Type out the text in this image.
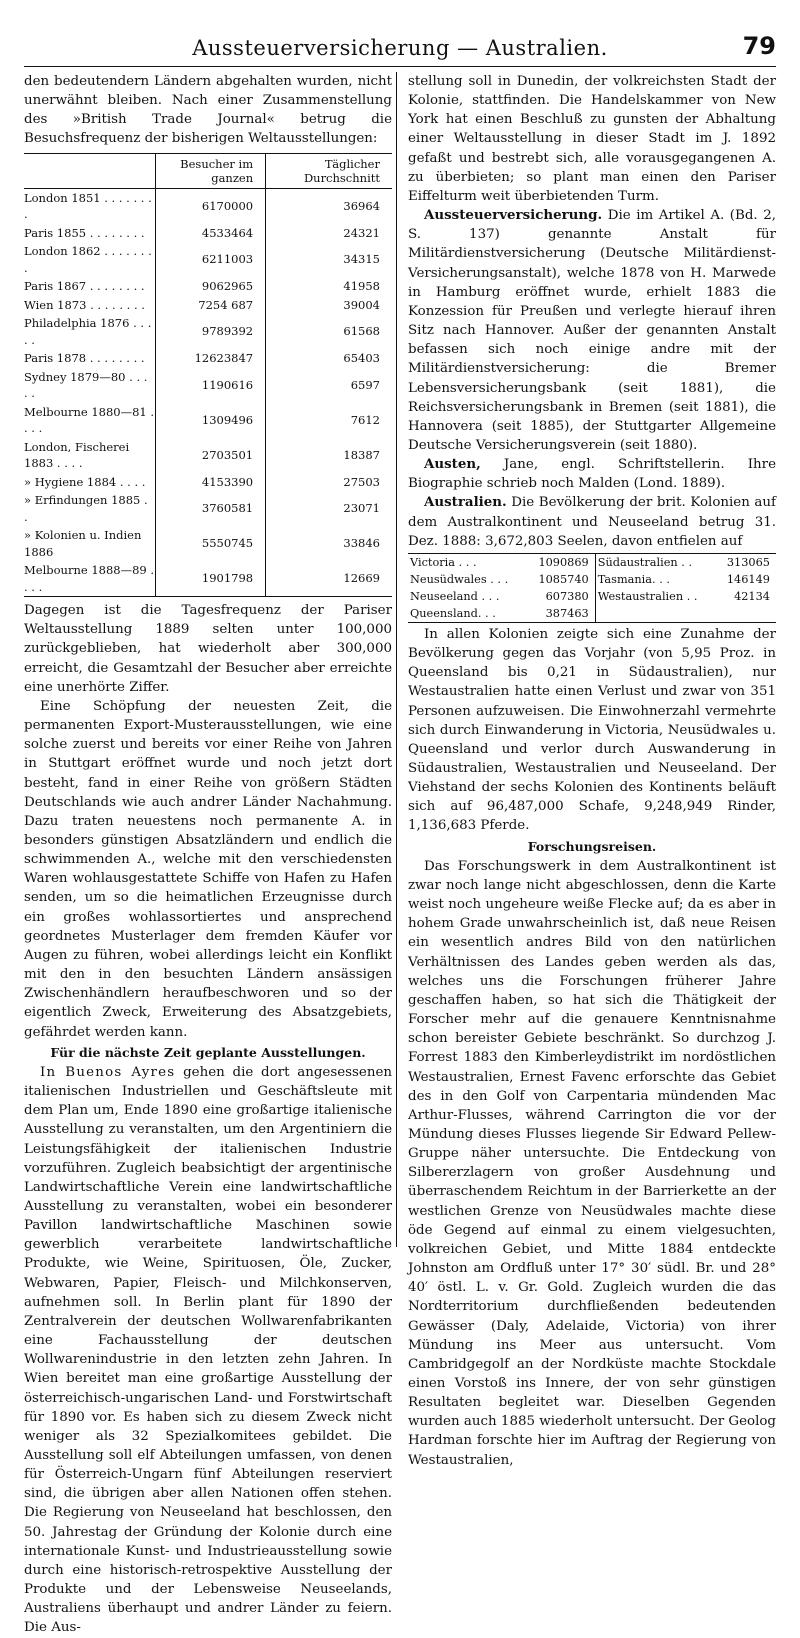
Aussteuerversicherung — Australien.	79

den bedeutendern Ländern abgehalten wurden, nicht unerwähnt bleiben. Nach einer Zusammenstellung des »British Trade Journal« betrug die Besuchsfrequenz der bisherigen Weltausstellungen:

	Besucher im ganzen	Täglicher Durchschnitt
London 1851 . . . . . . . .	6170000	36964
Paris 1855 . . . . . . . .	4533464	24321
London 1862 . . . . . . . .	6211003	34315
Paris 1867 . . . . . . . .	9062965	41958
Wien 1873 . . . . . . . .	7254 687	39004
Philadelphia 1876 . . . . .	9789392	61568
Paris 1878 . . . . . . . .	12623847	65403
Sydney 1879—80 . . . . .	1190616	6597
Melbourne 1880—81 . . . .	1309496	7612
London, Fischerei 1883 . . . .	2703501	18387
» Hygiene 1884 . . . .	4153390	27503
» Erfindungen 1885 . .	3760581	23071
» Kolonien u. Indien 1886	5550745	33846
Melbourne 1888—89 . . . .	1901798	12669

Dagegen ist die Tagesfrequenz der Pariser Weltausstellung 1889 selten unter 100,000 zurückgeblieben, hat wiederholt aber 300,000 erreicht, die Gesamtzahl der Besucher aber erreichte eine unerhörte Ziffer.

Eine Schöpfung der neuesten Zeit, die permanenten Export-Musterausstellungen, wie eine solche zuerst und bereits vor einer Reihe von Jahren in Stuttgart eröffnet wurde und noch jetzt dort besteht, fand in einer Reihe von größern Städten Deutschlands wie auch andrer Länder Nachahmung. Dazu traten neuestens noch permanente A. in besonders günstigen Absatzländern und endlich die schwimmenden A., welche mit den verschiedensten Waren wohlausgestattete Schiffe von Hafen zu Hafen senden, um so die heimatlichen Erzeugnisse durch ein großes wohlassortiertes und ansprechend geordnetes Musterlager dem fremden Käufer vor Augen zu führen, wobei allerdings leicht ein Konflikt mit den in den besuchten Ländern ansässigen Zwischenhändlern heraufbeschworen und so der eigentlich Zweck, Erweiterung des Absatzgebiets, gefährdet werden kann.

Für die nächste Zeit geplante Ausstellungen.

In Buenos Ayres gehen die dort angesessenen italienischen Industriellen und Geschäftsleute mit dem Plan um, Ende 1890 eine großartige italienische Ausstellung zu veranstalten, um den Argentiniern die Leistungsfähigkeit der italienischen Industrie vorzuführen. Zugleich beabsichtigt der argentinische Landwirtschaftliche Verein eine landwirtschaftliche Ausstellung zu veranstalten, wobei ein besonderer Pavillon landwirtschaftliche Maschinen sowie gewerblich verarbeitete landwirtschaftliche Produkte, wie Weine, Spirituosen, Öle, Zucker, Webwaren, Papier, Fleisch- und Milchkonserven, aufnehmen soll. In Berlin plant für 1890 der Zentralverein der deutschen Wollwarenfabrikanten eine Fachausstellung der deutschen Wollwarenindustrie in den letzten zehn Jahren. In Wien bereitet man eine großartige Ausstellung der österreichisch-ungarischen Land- und Forstwirtschaft für 1890 vor. Es haben sich zu diesem Zweck nicht weniger als 32 Spezialkomitees gebildet. Die Ausstellung soll elf Abteilungen umfassen, von denen für Österreich-Ungarn fünf Abteilungen reserviert sind, die übrigen aber allen Nationen offen stehen. Die Regierung von Neuseeland hat beschlossen, den 50. Jahrestag der Gründung der Kolonie durch eine internationale Kunst- und Industrieausstellung sowie durch eine historisch-retrospektive Ausstellung der Produkte und der Lebensweise Neuseelands, Australiens überhaupt und andrer Länder zu feiern. Die Aus-

stellung soll in Dunedin, der volkreichsten Stadt der Kolonie, stattfinden. Die Handelskammer von New York hat einen Beschluß zu gunsten der Abhaltung einer Weltausstellung in dieser Stadt im J. 1892 gefaßt und bestrebt sich, alle vorausgegangenen A. zu überbieten; so plant man einen den Pariser Eiffelturm weit überbietenden Turm.

Aussteuerversicherung. Die im Artikel A. (Bd. 2, S. 137) genannte Anstalt für Militärdienstversicherung (Deutsche Militärdienst-Versicherungsanstalt), welche 1878 von H. Marwede in Hamburg eröffnet wurde, erhielt 1883 die Konzession für Preußen und verlegte hierauf ihren Sitz nach Hannover. Außer der genannten Anstalt befassen sich noch einige andre mit der Militärdienstversicherung: die Bremer Lebensversicherungsbank (seit 1881), die Reichsversicherungsbank in Bremen (seit 1881), die Hannovera (seit 1885), der Stuttgarter Allgemeine Deutsche Versicherungsverein (seit 1880).

Austen, Jane, engl. Schriftstellerin. Ihre Biographie schrieb noch Malden (Lond. 1889).

Australien. Die Bevölkerung der brit. Kolonien auf dem Australkontinent und Neuseeland betrug 31. Dez. 1888: 3,672,803 Seelen, davon entfielen auf

Victoria . . .	1090869	Südaustralien . .	313065
Neusüdwales . . .	1085740	Tasmania. . .	146149
Neuseeland . . .	607380	Westaustralien . .	42134
Queensland. . .	387463		

In allen Kolonien zeigte sich eine Zunahme der Bevölkerung gegen das Vorjahr (von 5,95 Proz. in Queensland bis 0,21 in Südaustralien), nur Westaustralien hatte einen Verlust und zwar von 351 Personen aufzuweisen. Die Einwohnerzahl vermehrte sich durch Einwanderung in Victoria, Neusüdwales u. Queensland und verlor durch Auswanderung in Südaustralien, Westaustralien und Neuseeland. Der Viehstand der sechs Kolonien des Kontinents beläuft sich auf 96,487,000 Schafe, 9,248,949 Rinder, 1,136,683 Pferde.

Forschungsreisen.

Das Forschungswerk in dem Australkontinent ist zwar noch lange nicht abgeschlossen, denn die Karte weist noch ungeheure weiße Flecke auf; da es aber in hohem Grade unwahrscheinlich ist, daß neue Reisen ein wesentlich andres Bild von den natürlichen Verhältnissen des Landes geben werden als das, welches uns die Forschungen früherer Jahre geschaffen haben, so hat sich die Thätigkeit der Forscher mehr auf die genauere Kenntnisnahme schon bereister Gebiete beschränkt. So durchzog J. Forrest 1883 den Kimberleydistrikt im nordöstlichen Westaustralien, Ernest Favenc erforschte das Gebiet des in den Golf von Carpentaria mündenden Mac Arthur-Flusses, während Carrington die vor der Mündung dieses Flusses liegende Sir Edward Pellew-Gruppe näher untersuchte. Die Entdeckung von Silbererzlagern von großer Ausdehnung und überraschendem Reichtum in der Barrierkette an der westlichen Grenze von Neusüdwales machte diese öde Gegend auf einmal zu einem vielgesuchten, volkreichen Gebiet, und Mitte 1884 entdeckte Johnston am Ordfluß unter 17° 30′ südl. Br. und 28° 40′ östl. L. v. Gr. Gold. Zugleich wurden die das Nordterritorium durchfließenden bedeutenden Gewässer (Daly, Adelaide, Victoria) von ihrer Mündung ins Meer aus untersucht. Vom Cambridgegolf an der Nordküste machte Stockdale einen Vorstoß ins Innere, der von sehr günstigen Resultaten begleitet war. Dieselben Gegenden wurden auch 1885 wiederholt untersucht. Der Geolog Hardman forschte hier im Auftrag der Regierung von Westaustralien,
